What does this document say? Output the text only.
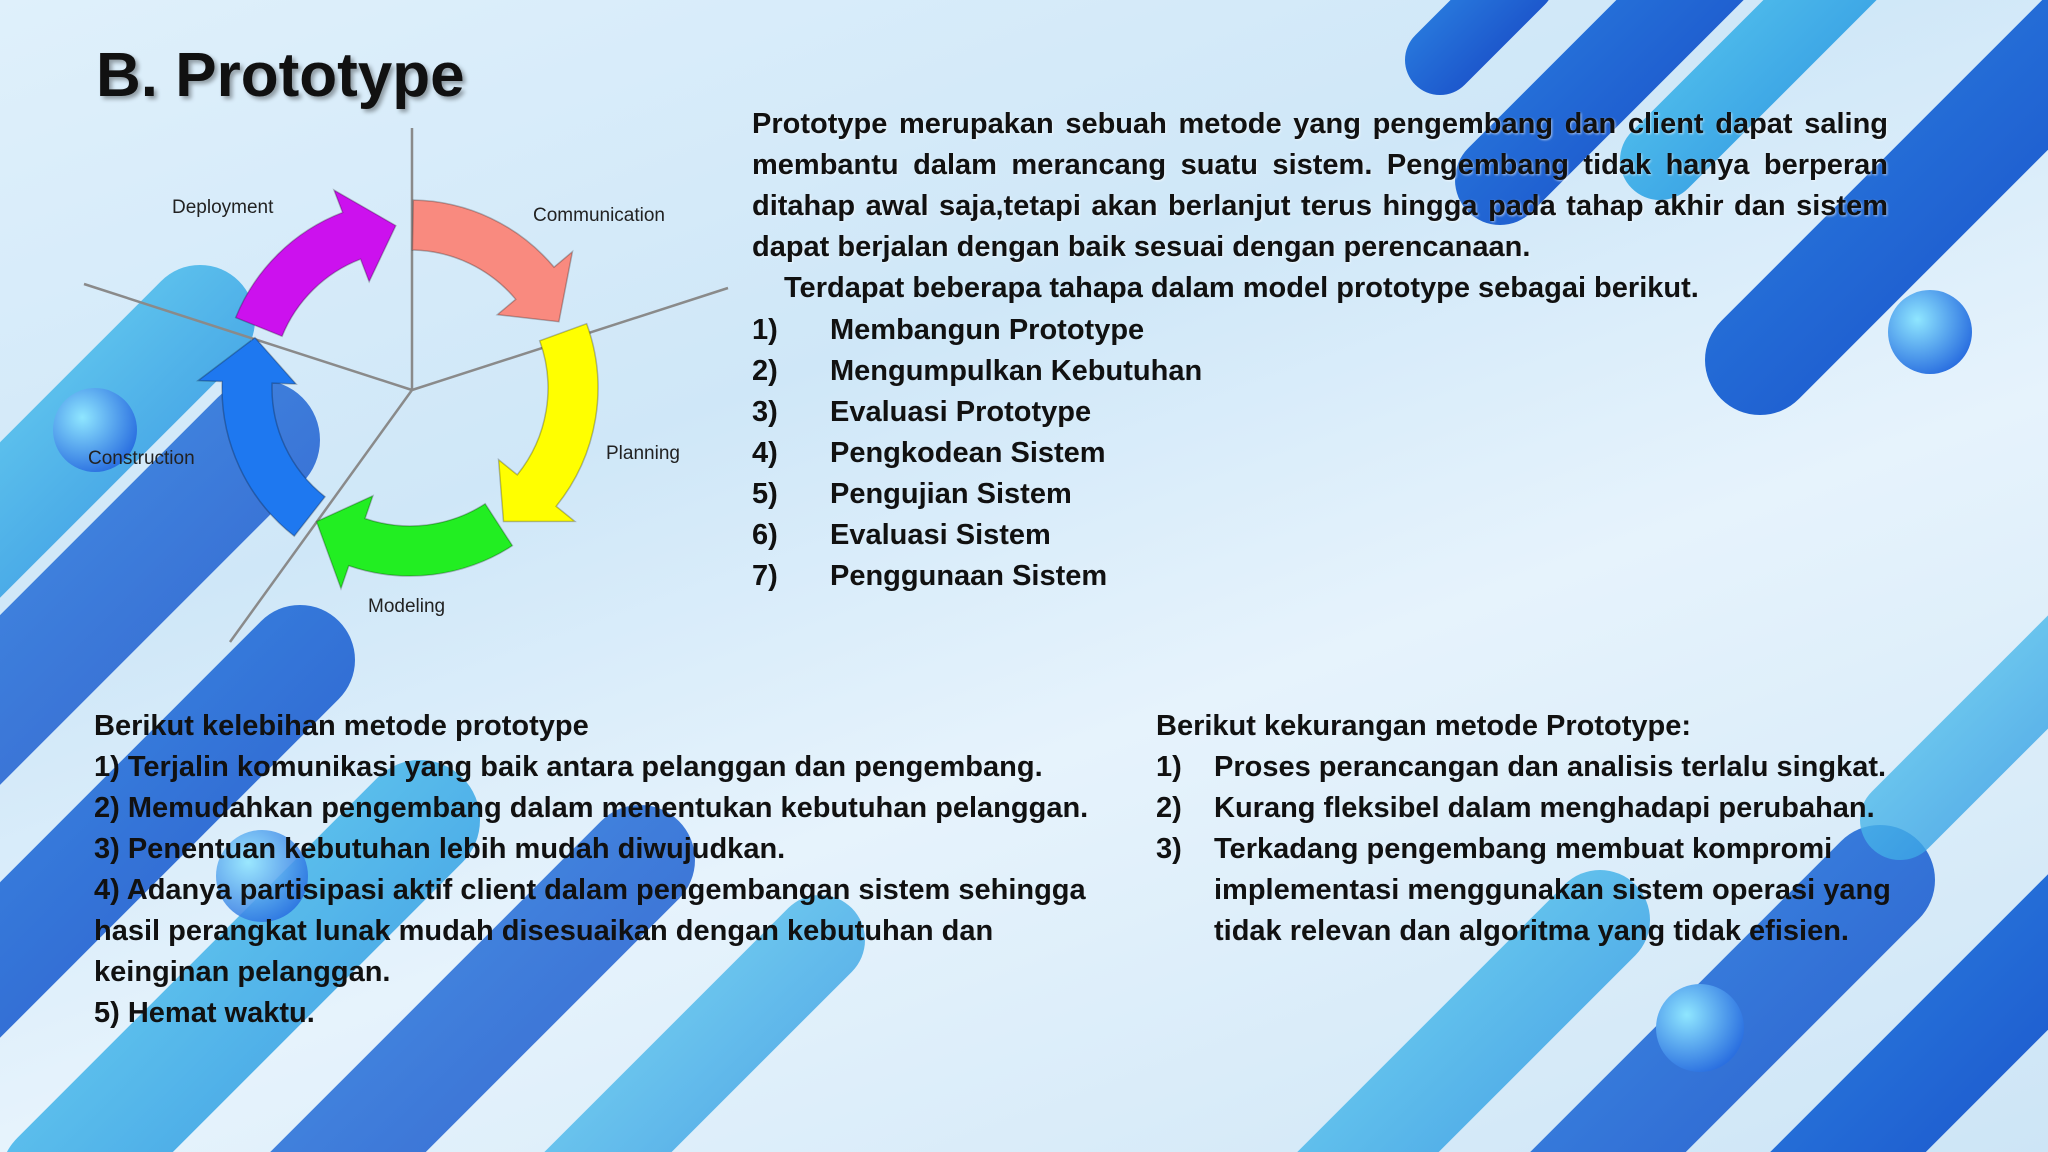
B. Prototype
Deployment	Communication
Planning
Construction
Modeling

Prototype merupakan sebuah metode yang pengembang dan client dapat saling membantu dalam merancang suatu sistem. Pengembang tidak hanya berperan ditahap awal saja,tetapi akan berlanjut terus hingga pada tahap akhir dan sistem dapat berjalan dengan baik sesuai dengan perencanaan.

Terdapat beberapa tahapa dalam model prototype sebagai berikut.

1) Membangun Prototype
2) Mengumpulkan Kebutuhan
3) Evaluasi Prototype
4) Pengkodean Sistem
5) Pengujian Sistem
6) Evaluasi Sistem
7) Penggunaan Sistem
Berikut kelebihan metode prototype
1) Terjalin komunikasi yang baik antara pelanggan dan pengembang.
2) Memudahkan pengembang dalam menentukan kebutuhan pelanggan.
3) Penentuan kebutuhan lebih mudah diwujudkan.
4) Adanya partisipasi aktif client dalam pengembangan sistem sehingga hasil perangkat lunak mudah disesuaikan dengan kebutuhan dan keinginan pelanggan.
5) Hemat waktu.
Berikut kekurangan metode Prototype:
1)	Proses perancangan dan analisis terlalu singkat.
2)	Kurang fleksibel dalam menghadapi perubahan.
3)	Terkadang pengembang membuat kompromi implementasi menggunakan sistem operasi yang tidak relevan dan algoritma yang tidak efisien.
